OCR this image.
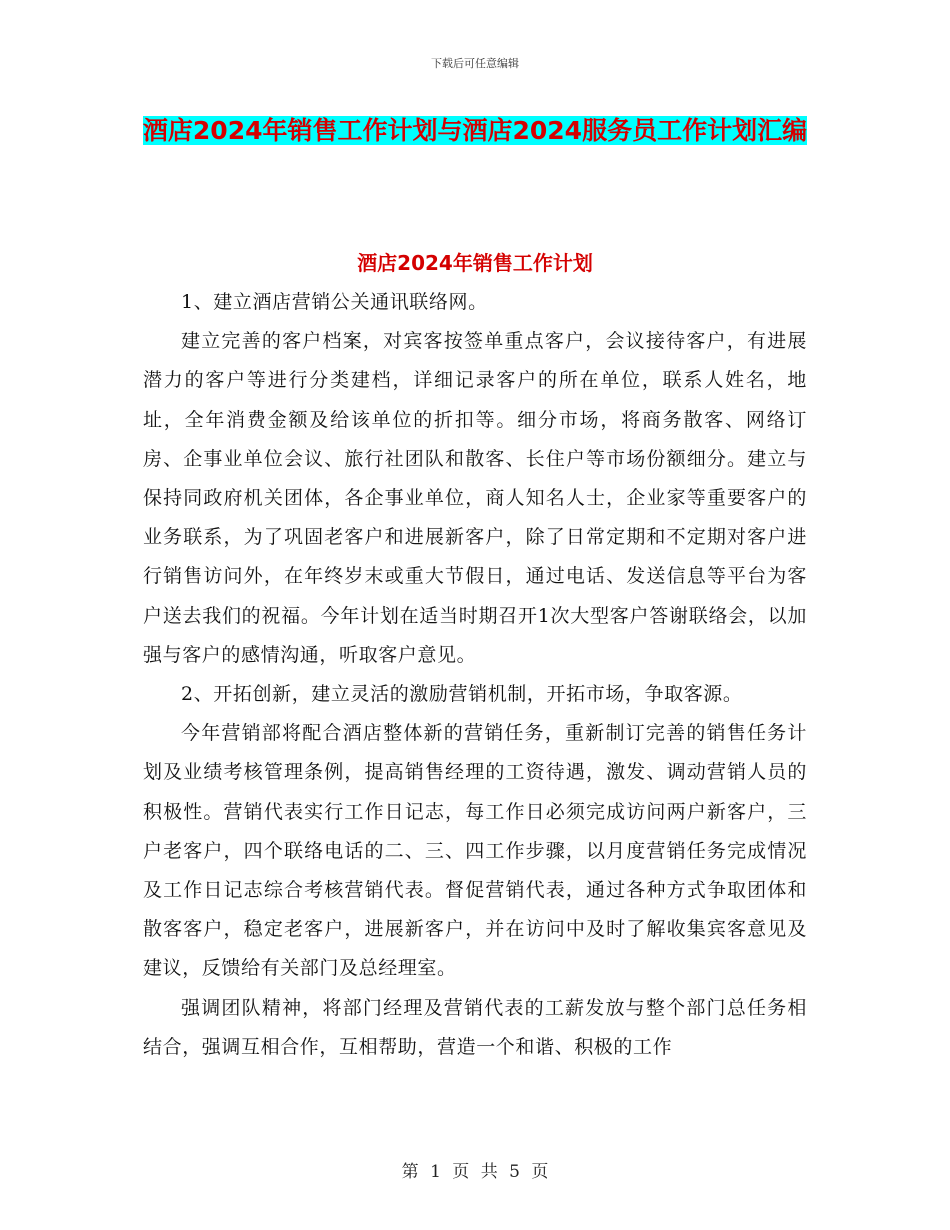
下载后可任意编辑
酒店2024年销售工作计划与酒店2024服务员工作计划汇编
酒店2024年销售工作计划

1、建立酒店营销公关通讯联络网。

建立完善的客户档案，对宾客按签单重点客户，会议接待客户，有进展潜力的客户等进行分类建档，详细记录客户的所在单位，联系人姓名，地址，全年消费金额及给该单位的折扣等。细分市场，将商务散客、网络订房、企事业单位会议、旅行社团队和散客、长住户等市场份额细分。建立与保持同政府机关团体，各企事业单位，商人知名人士，企业家等重要客户的业务联系，为了巩固老客户和进展新客户，除了日常定期和不定期对客户进行销售访问外，在年终岁末或重大节假日，通过电话、发送信息等平台为客户送去我们的祝福。今年计划在适当时期召开1次大型客户答谢联络会，以加强与客户的感情沟通，听取客户意见。

2、开拓创新，建立灵活的激励营销机制，开拓市场，争取客源。

今年营销部将配合酒店整体新的营销任务，重新制订完善的销售任务计划及业绩考核管理条例，提高销售经理的工资待遇，激发、调动营销人员的积极性。营销代表实行工作日记志，每工作日必须完成访问两户新客户，三户老客户，四个联络电话的二、三、四工作步骤，以月度营销任务完成情况及工作日记志综合考核营销代表。督促营销代表，通过各种方式争取团体和散客客户，稳定老客户，进展新客户，并在访问中及时了解收集宾客意见及建议，反馈给有关部门及总经理室。

强调团队精神，将部门经理及营销代表的工薪发放与整个部门总任务相结合，强调互相合作，互相帮助，营造一个和谐、积极的工作

第 1 页 共 5 页
